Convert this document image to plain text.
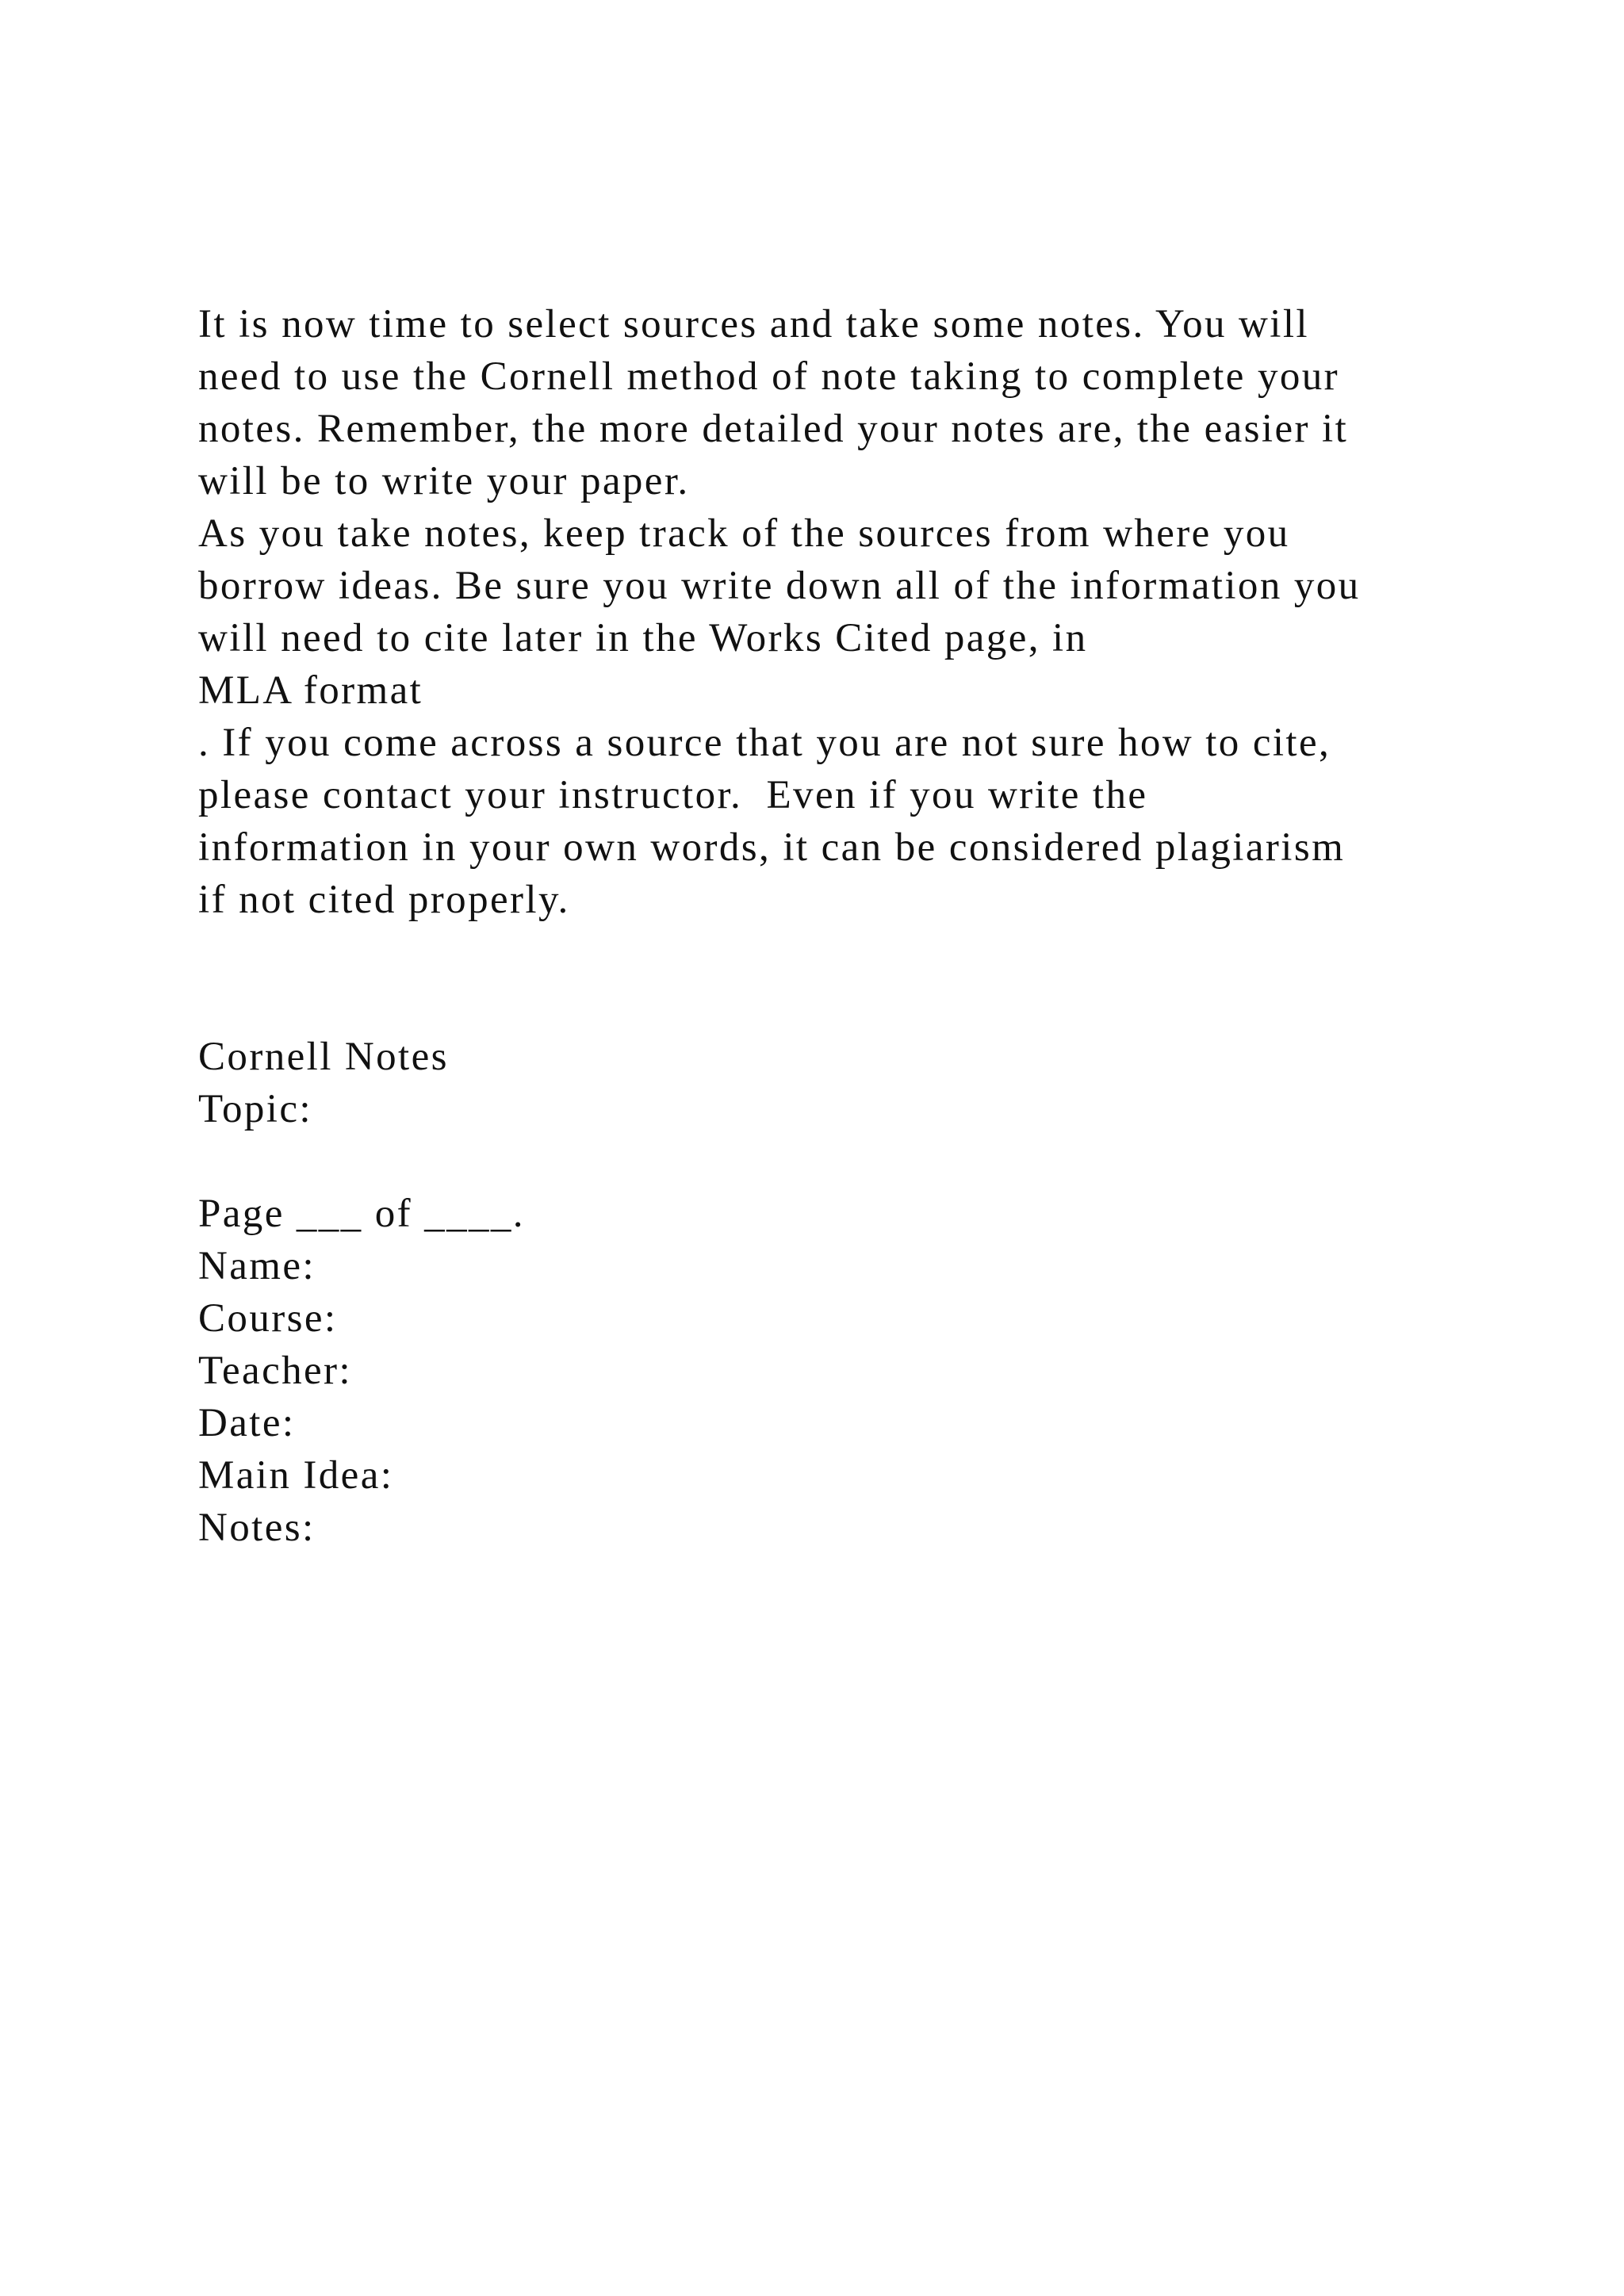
It is now time to select sources and take some notes. You will
need to use the Cornell method of note taking to complete your
notes. Remember, the more detailed your notes are, the easier it
will be to write your paper.
As you take notes, keep track of the sources from where you
borrow ideas. Be sure you write down all of the information you
will need to cite later in the Works Cited page, in
MLA format
. If you come across a source that you are not sure how to cite,
please contact your instructor.  Even if you write the
information in your own words, it can be considered plagiarism
if not cited properly.
Cornell Notes
Topic:
Page ___ of ____.
Name:
Course:
Teacher:
Date:
Main Idea:
Notes:
